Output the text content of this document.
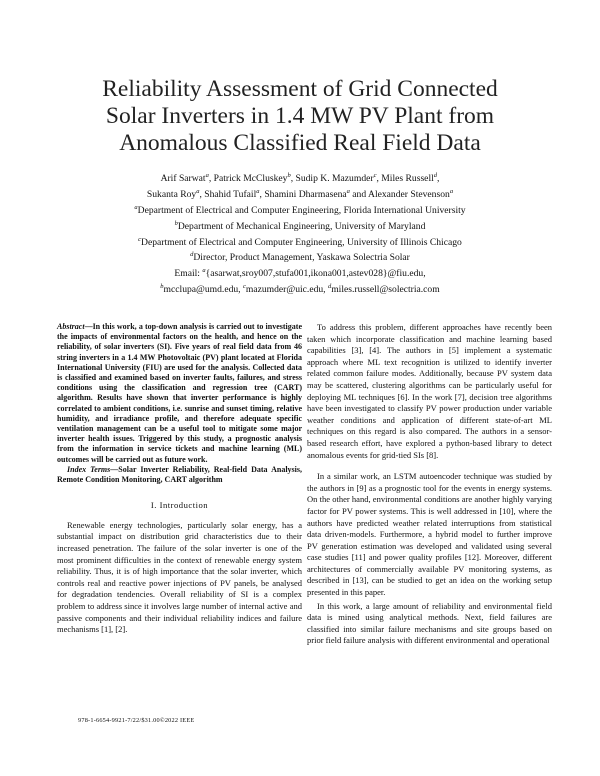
Reliability Assessment of Grid Connected
Solar Inverters in 1.4 MW PV Plant from
Anomalous Classified Real Field Data
Arif Sarwat$^a$, Patrick McCluskey$^b$, Sudip K. Mazumder$^c$, Miles Russell$^d$,
Sukanta Roy$^a$, Shahid Tufail$^a$, Shamini Dharmasena$^a$ and Alexander Stevenson$^a$
$^a$Department of Electrical and Computer Engineering, Florida International University
$^b$Department of Mechanical Engineering, University of Maryland
$^c$Department of Electrical and Computer Engineering, University of Illinois Chicago
$^d$Director, Product Management, Yaskawa Solectria Solar
Email: $^a${asarwat,sroy007,stufa001,ikona001,astev028}@fiu.edu,
$^b$mcclupa@umd.edu, $^c$mazumder@uic.edu, $^d$miles.russell@solectria.com
Abstract—In this work, a top-down analysis is carried out to investigate the impacts of environmental factors on the health, and hence on the reliability, of solar inverters (SI). Five years of real field data from 46 string inverters in a 1.4 MW Photovoltaic (PV) plant located at Florida International University (FIU) are used for the analysis. Collected data is classified and examined based on inverter faults, failures, and stress conditions using the classification and regression tree (CART) algorithm. Results have shown that inverter performance is highly correlated to ambient conditions, i.e. sunrise and sunset timing, relative humidity, and irradiance profile, and therefore adequate specific ventilation management can be a useful tool to mitigate some major inverter health issues. Triggered by this study, a prognostic analysis from the information in service tickets and machine learning (ML) outcomes will be carried out as future work.
Index Terms—Solar Inverter Reliability, Real-field Data Analysis, Remote Condition Monitoring, CART algorithm
I. Introduction

Renewable energy technologies, particularly solar energy, has a substantial impact on distribution grid characteristics due to their increased penetration. The failure of the solar inverter is one of the most prominent difficulties in the context of renewable energy system reliability. Thus, it is of high importance that the solar inverter, which controls real and reactive power injections of PV panels, be analysed for degradation tendencies. Overall reliability of SI is a complex problem to address since it involves large number of internal active and passive components and their individual reliability indices and failure mechanisms [1], [2].

To address this problem, different approaches have recently been taken which incorporate classification and machine learning based capabilities [3], [4]. The authors in [5] implement a systematic approach where ML text recognition is utilized to identify inverter related common failure modes. Additionally, because PV system data may be scattered, clustering algorithms can be particularly useful for deploying ML techniques [6]. In the work [7], decision tree algorithms have been investigated to classify PV power production under variable weather conditions and application of different state-of-art ML techniques on this regard is also compared. The authors in a sensor-based research effort, have explored a python-based library to detect anomalous events for grid-tied SIs [8].

In a similar work, an LSTM autoencoder technique was studied by the authors in [9] as a prognostic tool for the events in energy systems. On the other hand, environmental conditions are another highly varying factor for PV power systems. This is well addressed in [10], where the authors have predicted weather related interruptions from statistical data driven-models. Furthermore, a hybrid model to further improve PV generation estimation was developed and validated using several case studies [11] and power quality profiles [12]. Moreover, different architectures of commercially available PV monitoring systems, as described in [13], can be studied to get an idea on the working setup presented in this paper.

In this work, a large amount of reliability and environmental field data is mined using analytical methods. Next, field failures are classified into similar failure mechanisms and site groups based on prior field failure analysis with different environmental and operational

978-1-6654-9921-7/22/$31.00©2022 IEEE
